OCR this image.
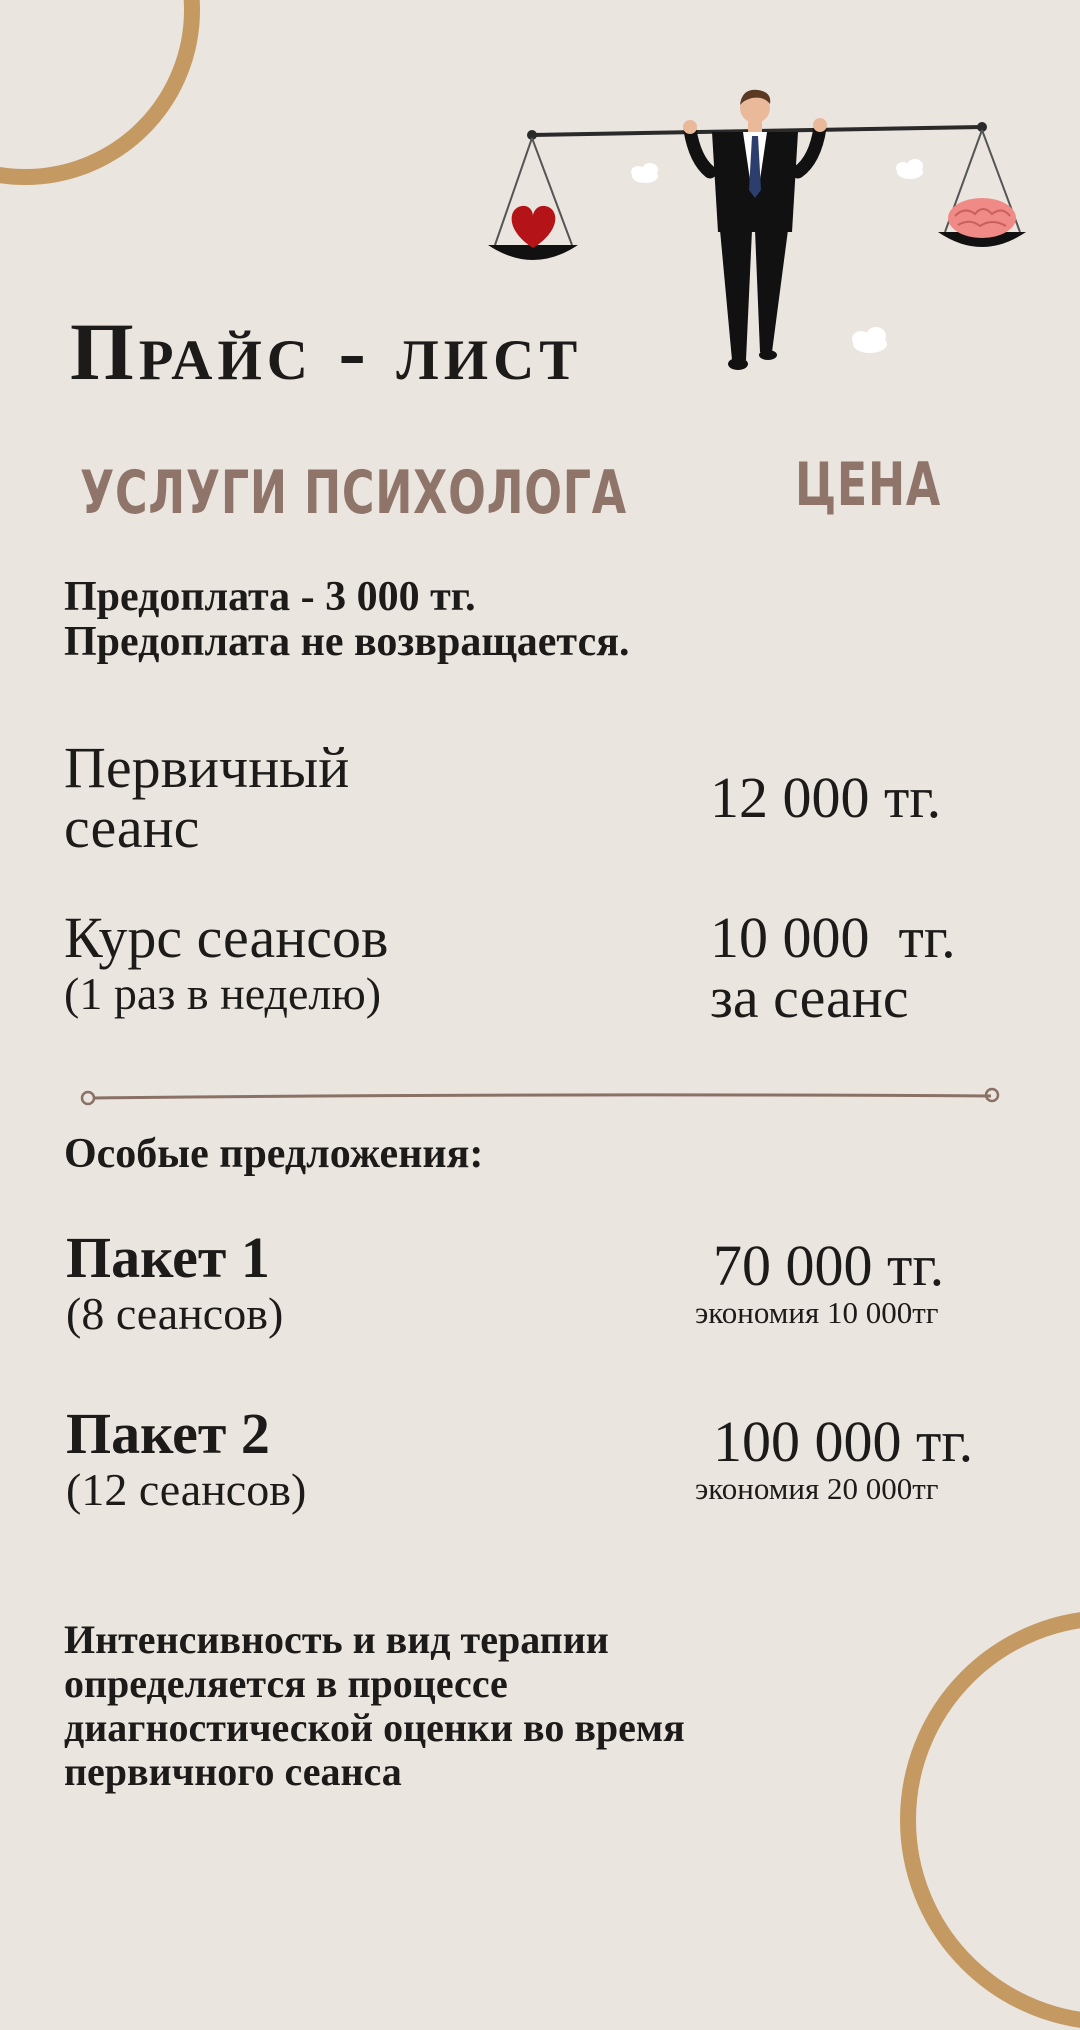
Прайс - лист
УСЛУГИ ПСИХОЛОГА	ЦЕНА
Предоплата - 3 000 тг.
Предоплата не возвращается.
Первичный
сеанс	12 000 тг.
Курс сеансов
(1 раз в неделю)
10 000  тг.
за сеанс
Особые предложения:
Пакет 1
(8 сеансов)
70 000 тг.
экономия 10 000тг
Пакет 2
(12 сеансов)
100 000 тг.
экономия 20 000тг
Интенсивность и вид терапии определяется в процессе диагностической оценки во время первичного сеанса
